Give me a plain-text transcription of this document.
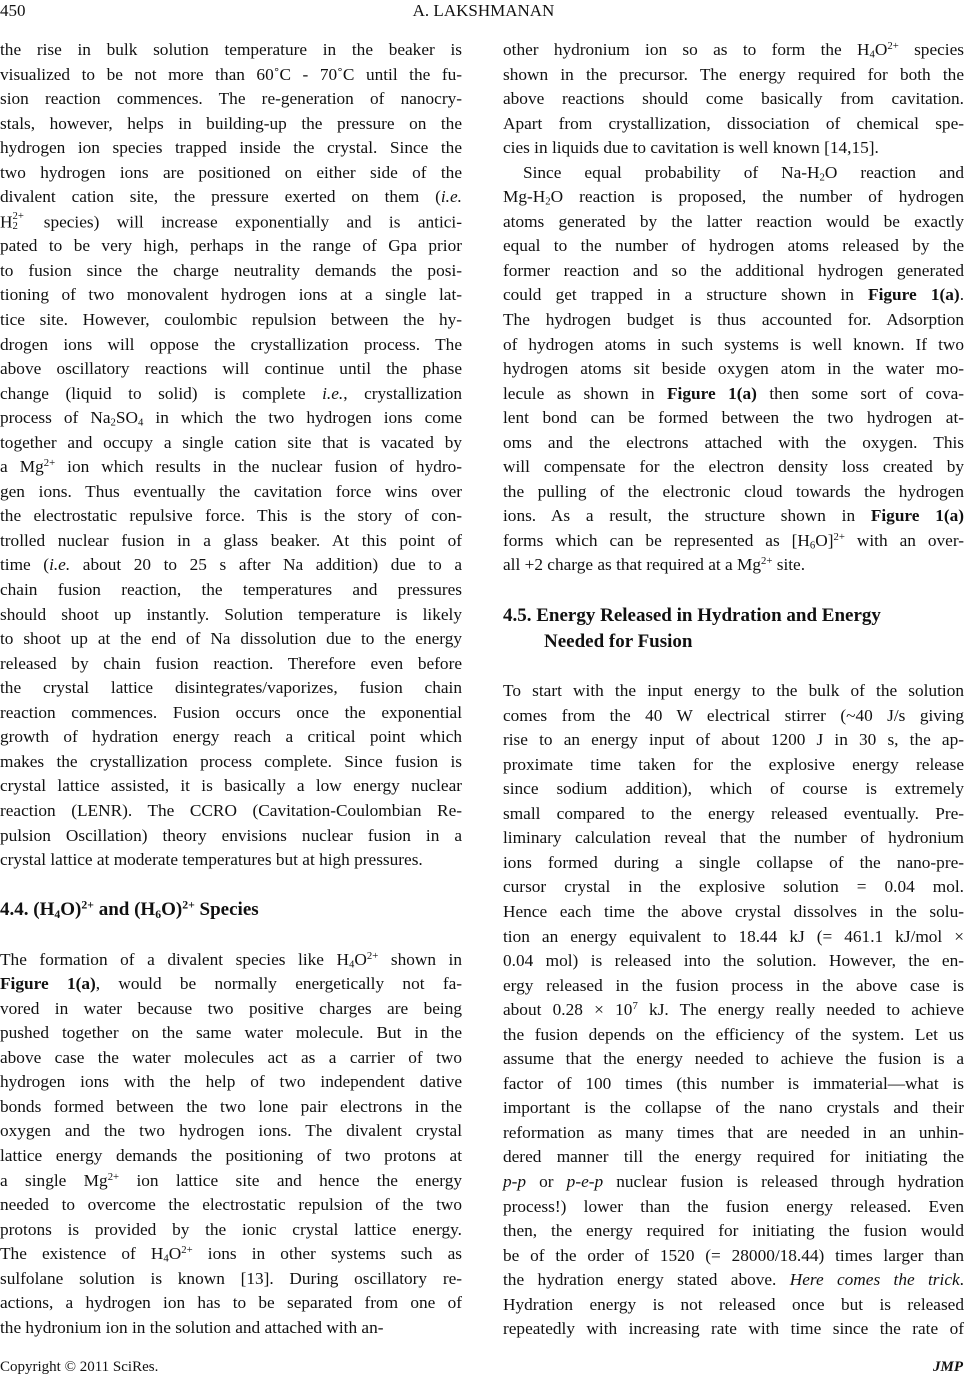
450	A. LAKSHMANAN
the rise in bulk solution temperature in the beaker is
visualized to be not more than 60˚C - 70˚C until the fu-
sion reaction commences. The re-generation of nanocry-
stals, however, helps in building-up the pressure on the
hydrogen ion species trapped inside the crystal. Since the
two hydrogen ions are positioned on either side of the
divalent cation site, the pressure exerted on them (i.e.
H 2+
2 species) will increase exponentially and is antici-
pated to be very high, perhaps in the range of Gpa prior
to fusion since the charge neutrality demands the posi-
tioning of two monovalent hydrogen ions at a single lat-
tice site. However, coulombic repulsion between the hy-
drogen ions will oppose the crystallization process. The
above oscillatory reactions will continue until the phase
change (liquid to solid) is complete i.e., crystallization
process of $Na_2SO_4$ in which the two hydrogen ions come
together and occupy a single cation site that is vacated by
a $Mg^{2+}$ ion which results in the nuclear fusion of hydro-
gen ions. Thus eventually the cavitation force wins over
the electrostatic repulsive force. This is the story of con-
trolled nuclear fusion in a glass beaker. At this point of
time (i.e. about 20 to 25 s after Na addition) due to a
chain fusion reaction, the temperatures and pressures
should shoot up instantly. Solution temperature is likely
to shoot up at the end of Na dissolution due to the energy
released by chain fusion reaction. Therefore even before
the crystal lattice disintegrates/vaporizes, fusion chain
reaction commences. Fusion occurs once the exponential
growth of hydration energy reach a critical point which
makes the crystallization process complete. Since fusion is
crystal lattice assisted, it is basically a low energy nuclear
reaction (LENR). The CCRO (Cavitation-Coulombian Re-
pulsion Oscillation) theory envisions nuclear fusion in a
crystal lattice at moderate temperatures but at high pressures.
4.4. $(H_4O)^{2+}$ and $(H_6O)^{2+}$ Species
The formation of a divalent species like $H_4O^{2+}$ shown in
Figure 1(a), would be normally energetically not fa-
vored in water because two positive charges are being
pushed together on the same water molecule. But in the
above case the water molecules act as a carrier of two
hydrogen ions with the help of two independent dative
bonds formed between the two lone pair electrons in the
oxygen and the two hydrogen ions. The divalent crystal
lattice energy demands the positioning of two protons at
a single $Mg^{2+}$ ion lattice site and hence the energy
needed to overcome the electrostatic repulsion of the two
protons is provided by the ionic crystal lattice energy.
The existence of $H_4O^{2+}$ ions in other systems such as
sulfolane solution is known [13]. During oscillatory re-
actions, a hydrogen ion has to be separated from one of
the hydronium ion in the solution and attached with an-
other hydronium ion so as to form the $H_4O^{2+}$ species
shown in the precursor. The energy required for both the
above reactions should come basically from cavitation.
Apart from crystallization, dissociation of chemical spe-
cies in liquids due to cavitation is well known [14,15].
Since equal probability of $Na-H_2O$ reaction and
$Mg-H_2O$ reaction is proposed, the number of hydrogen
atoms generated by the latter reaction would be exactly
equal to the number of hydrogen atoms released by the
former reaction and so the additional hydrogen generated
could get trapped in a structure shown in Figure 1(a).
The hydrogen budget is thus accounted for. Adsorption
of hydrogen atoms in such systems is well known. If two
hydrogen atoms sit beside oxygen atom in the water mo-
lecule as shown in Figure 1(a) then some sort of cova-
lent bond can be formed between the two hydrogen at-
oms and the electrons attached with the oxygen. This
will compensate for the electron density loss created by
the pulling of the electronic cloud towards the hydrogen
ions. As a result, the structure shown in Figure 1(a)
forms which can be represented as $[H_6O]^{2+}$ with an over-
all +2 charge as that required at a $Mg^{2+}$ site.
4.5. Energy Released in Hydration and Energy
Needed for Fusion
To start with the input energy to the bulk of the solution
comes from the 40 W electrical stirrer (~40 J/s giving
rise to an energy input of about 1200 J in 30 s, the ap-
proximate time taken for the explosive energy release
since sodium addition), which of course is extremely
small compared to the energy released eventually. Pre-
liminary calculation reveal that the number of hydronium
ions formed during a single collapse of the nano-pre-
cursor crystal in the explosive solution = 0.04 mol.
Hence each time the above crystal dissolves in the solu-
tion an energy equivalent to 18.44 kJ (= 461.1 kJ/mol ×
0.04 mol) is released into the solution. However, the en-
ergy released in the fusion process in the above case is
about $0.28 \times 10^7$ kJ. The energy really needed to achieve
the fusion depends on the efficiency of the system. Let us
assume that the energy needed to achieve the fusion is a
factor of 100 times (this number is immaterial—what is
important is the collapse of the nano crystals and their
reformation as many times that are needed in an unhin-
dered manner till the energy required for initiating the
p-p or p-e-p nuclear fusion is released through hydration
process!) lower than the fusion energy released. Even
then, the energy required for initiating the fusion would
be of the order of 1520 (= 28000/18.44) times larger than
the hydration energy stated above. Here comes the trick.
Hydration energy is not released once but is released
repeatedly with increasing rate with time since the rate of
Copyright © 2011 SciRes.	JMP
